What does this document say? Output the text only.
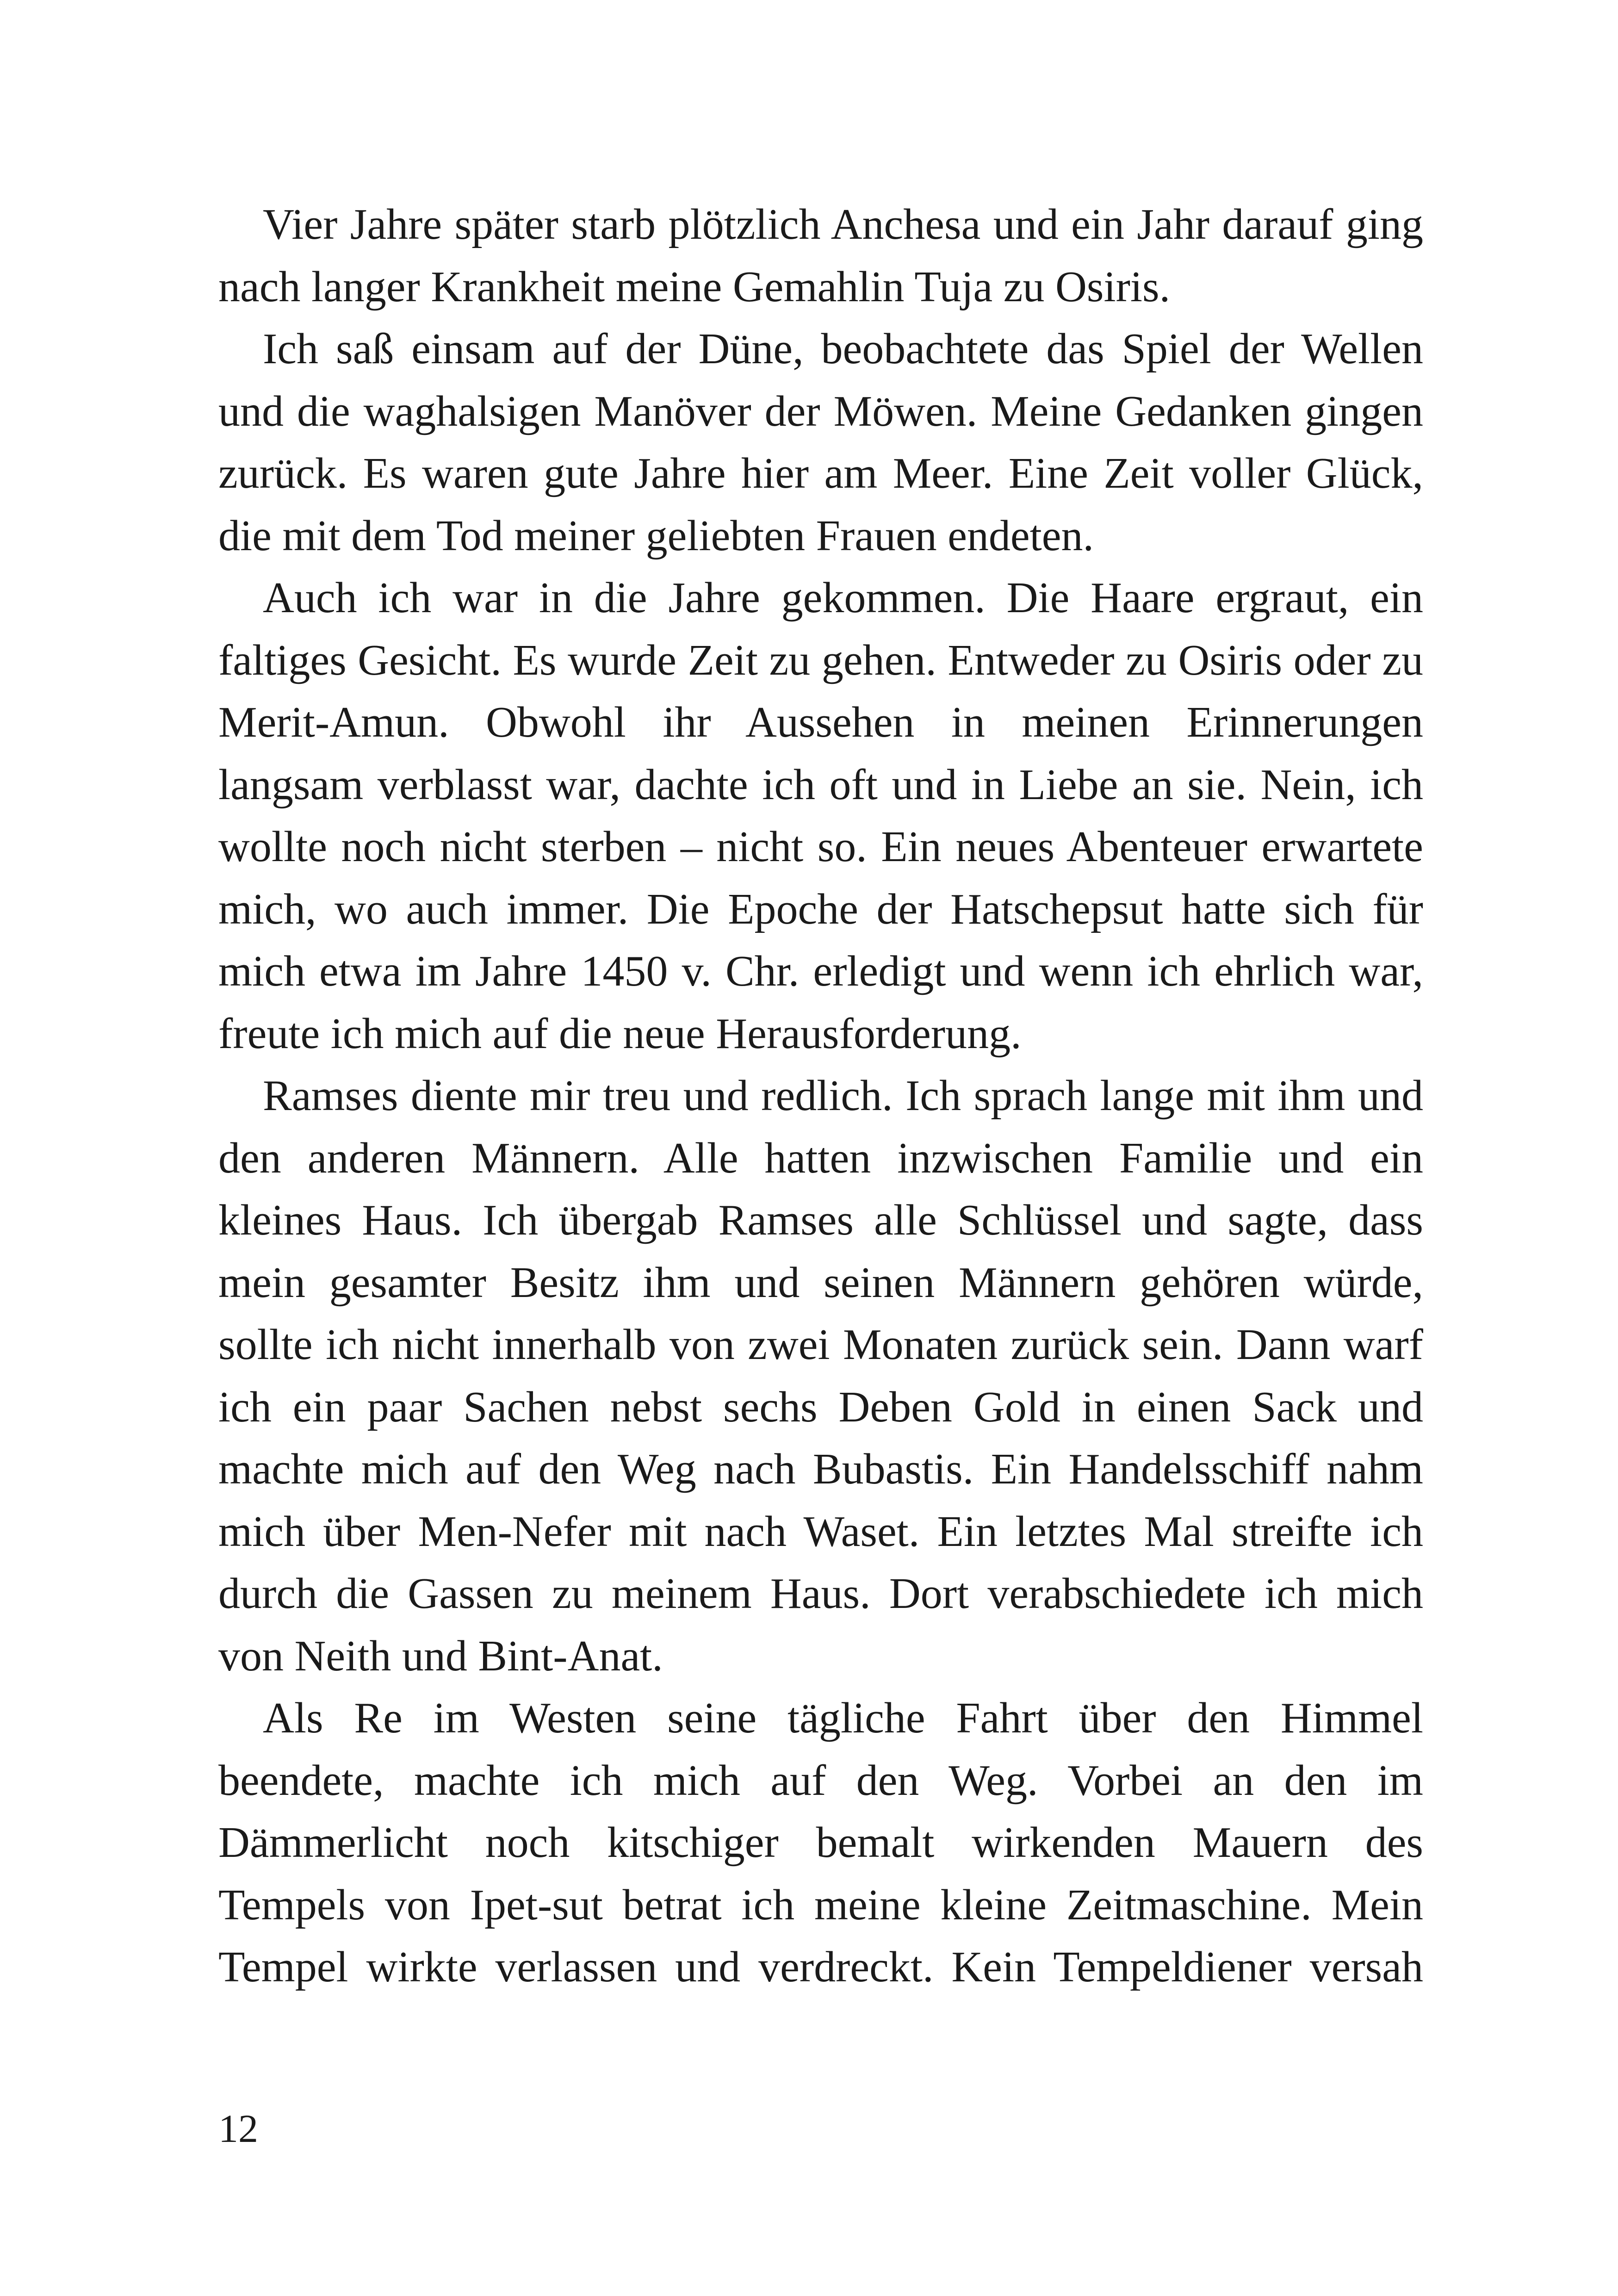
Vier Jahre später starb plötzlich Anchesa und ein Jahr darauf ging
nach langer Krankheit meine Gemahlin Tuja zu Osiris.

Ich saß einsam auf der Düne, beobachtete das Spiel der Wellen
und die waghalsigen Manöver der Möwen. Meine Gedanken gingen
zurück. Es waren gute Jahre hier am Meer. Eine Zeit voller Glück,
die mit dem Tod meiner geliebten Frauen endeten.

Auch ich war in die Jahre gekommen. Die Haare ergraut, ein
faltiges Gesicht. Es wurde Zeit zu gehen. Entweder zu Osiris oder zu
Merit-Amun. Obwohl ihr Aussehen in meinen Erinnerungen
langsam verblasst war, dachte ich oft und in Liebe an sie. Nein, ich
wollte noch nicht sterben – nicht so. Ein neues Abenteuer erwartete
mich, wo auch immer. Die Epoche der Hatschepsut hatte sich für
mich etwa im Jahre 1450 v. Chr. erledigt und wenn ich ehrlich war,
freute ich mich auf die neue Herausforderung.

Ramses diente mir treu und redlich. Ich sprach lange mit ihm und
den anderen Männern. Alle hatten inzwischen Familie und ein
kleines Haus. Ich übergab Ramses alle Schlüssel und sagte, dass
mein gesamter Besitz ihm und seinen Männern gehören würde,
sollte ich nicht innerhalb von zwei Monaten zurück sein. Dann warf
ich ein paar Sachen nebst sechs Deben Gold in einen Sack und
machte mich auf den Weg nach Bubastis. Ein Handelsschiff nahm
mich über Men-Nefer mit nach Waset. Ein letztes Mal streifte ich
durch die Gassen zu meinem Haus. Dort verabschiedete ich mich
von Neith und Bint-Anat.

Als Re im Westen seine tägliche Fahrt über den Himmel
beendete, machte ich mich auf den Weg. Vorbei an den im
Dämmerlicht noch kitschiger bemalt wirkenden Mauern des
Tempels von Ipet-sut betrat ich meine kleine Zeitmaschine. Mein
Tempel wirkte verlassen und verdreckt. Kein Tempeldiener versah

12
